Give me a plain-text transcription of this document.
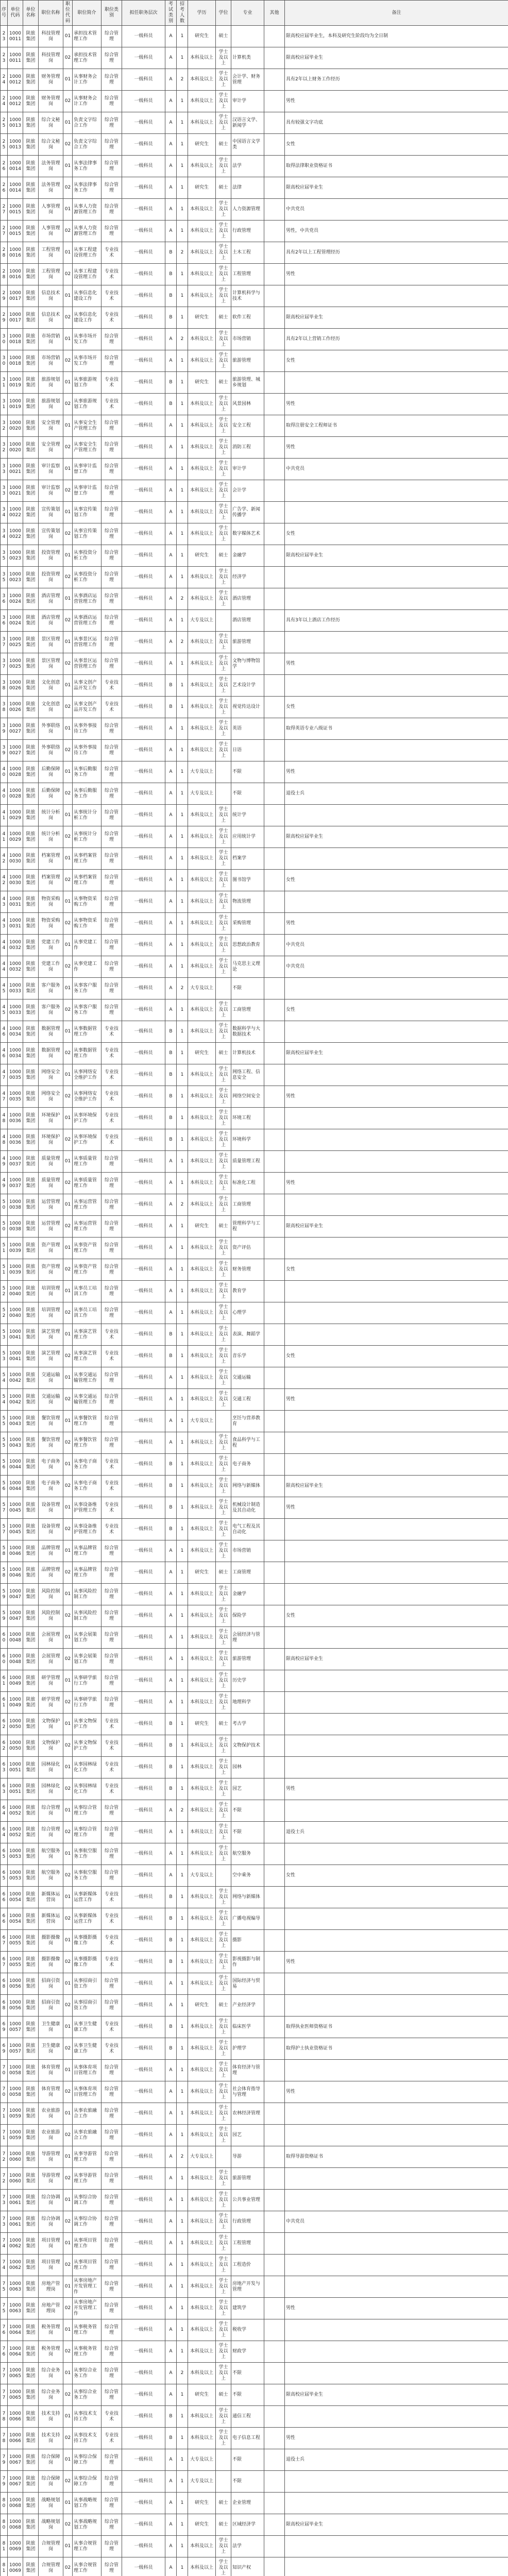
序号	单位代码	单位名称	职位名称	职位代码	职位简介	职位类别	拟任职务层次	考试类别	招考人数	学历	学位	专业	其他	备注
23	10000011	陕旅集团	科技管理岗	01	承担技术管理工作	综合管理	一级科员	A	1	研究生	硕士			限高校应届毕业生，本科及研究生阶段均为全日制
23	10000011	陕旅集团	科技管理岗	02	承担技术管理工作	综合管理	一级科员	A	1	本科及以上	学士及以上	计算机类		限高校应届毕业生
24	10000012	陕旅集团	财务管理岗	01	从事财务会计工作	综合管理	一级科员	A	2	本科及以上	学士及以上	会计学、财务管理		具有2年以上财务工作经历
24	10000012	陕旅集团	财务管理岗	02	从事财务会计工作	综合管理	一级科员	A	1	本科及以上	学士及以上	审计学		男性
25	10000013	陕旅集团	综合文秘岗	01	负责文字综合工作	综合管理	一级科员	A	1	本科及以上	学士及以上	汉语言文学、新闻学		具有较强文字功底
25	10000013	陕旅集团	综合文秘岗	02	负责文字综合工作	综合管理	一级科员	A	1	研究生	硕士	中国语言文学类		女性
26	10000014	陕旅集团	法务管理岗	01	从事法律事务工作	综合管理	一级科员	A	1	本科及以上	学士及以上	法学		取得法律职业资格证书
26	10000014	陕旅集团	法务管理岗	02	从事法律事务工作	综合管理	一级科员	A	1	研究生	硕士	法律		限高校应届毕业生
27	10000015	陕旅集团	人事管理岗	01	从事人力资源管理工作	综合管理	一级科员	A	1	本科及以上	学士及以上	人力资源管理		中共党员
27	10000015	陕旅集团	人事管理岗	02	从事人力资源管理工作	综合管理	一级科员	A	1	本科及以上	学士及以上	行政管理		男性，中共党员
28	10000016	陕旅集团	工程管理岗	01	从事工程建设管理工作	专业技术	一级科员	B	2	本科及以上	学士及以上	土木工程		具有2年以上工程管理经历
28	10000016	陕旅集团	工程管理岗	02	从事工程建设管理工作	专业技术	一级科员	B	1	本科及以上	学士及以上	工程管理		男性
29	10000017	陕旅集团	信息技术岗	01	从事信息化建设工作	专业技术	一级科员	B	1	本科及以上	学士及以上	计算机科学与技术		
29	10000017	陕旅集团	信息技术岗	02	从事信息化建设工作	专业技术	一级科员	B	1	研究生	硕士	软件工程		限高校应届毕业生
30	10000018	陕旅集团	市场营销岗	01	从事市场开发工作	综合管理	一级科员	A	2	本科及以上	学士及以上	市场营销		具有2年以上营销工作经历
30	10000018	陕旅集团	市场营销岗	02	从事市场开发工作	综合管理	一级科员	A	1	本科及以上	学士及以上	旅游管理		女性
31	10000019	陕旅集团	旅游规划岗	01	从事旅游规划工作	专业技术	一级科员	B	1	研究生	硕士	旅游管理、城乡规划		
31	10000019	陕旅集团	旅游规划岗	02	从事旅游规划工作	专业技术	一级科员	B	1	本科及以上	学士及以上	风景园林		男性
32	10000020	陕旅集团	安全管理岗	01	从事安全生产管理工作	综合管理	一级科员	A	1	本科及以上	学士及以上	安全工程		取得注册安全工程师证书
32	10000020	陕旅集团	安全管理岗	02	从事安全生产管理工作	综合管理	一级科员	A	1	本科及以上	学士及以上	消防工程		男性
33	10000021	陕旅集团	审计监察岗	01	从事审计监督工作	综合管理	一级科员	A	1	本科及以上	学士及以上	审计学		中共党员
33	10000021	陕旅集团	审计监察岗	02	从事审计监督工作	综合管理	一级科员	A	1	本科及以上	学士及以上	会计学		
34	10000022	陕旅集团	宣传策划岗	01	从事宣传策划工作	综合管理	一级科员	A	1	本科及以上	学士及以上	广告学、新闻传播学		
34	10000022	陕旅集团	宣传策划岗	02	从事宣传策划工作	综合管理	一级科员	A	1	本科及以上	学士及以上	数字媒体艺术		女性
35	10000023	陕旅集团	投资管理岗	01	从事投资分析工作	综合管理	一级科员	A	1	研究生	硕士	金融学		限高校应届毕业生
35	10000023	陕旅集团	投资管理岗	02	从事投资分析工作	综合管理	一级科员	A	1	本科及以上	学士及以上	经济学		
36	10000024	陕旅集团	酒店管理岗	01	从事酒店运营管理工作	综合管理	一级科员	A	2	本科及以上	学士及以上	酒店管理		
36	10000024	陕旅集团	酒店管理岗	02	从事酒店运营管理工作	综合管理	一级科员	A	1	大专及以上		酒店管理		具有3年以上酒店工作经历
37	10000025	陕旅集团	景区管理岗	01	从事景区运营管理工作	综合管理	一级科员	A	2	本科及以上	学士及以上	旅游管理		
37	10000025	陕旅集团	景区管理岗	02	从事景区运营管理工作	综合管理	一级科员	A	1	本科及以上	学士及以上	文物与博物馆学		男性
38	10000026	陕旅集团	文化创意岗	01	从事文创产品开发工作	专业技术	一级科员	B	1	本科及以上	学士及以上	艺术设计学		
38	10000026	陕旅集团	文化创意岗	02	从事文创产品开发工作	专业技术	一级科员	B	1	本科及以上	学士及以上	视觉传达设计		女性
39	10000027	陕旅集团	外事联络岗	01	从事外事接待工作	综合管理	一级科员	A	1	本科及以上	学士及以上	英语		取得英语专业八级证书
39	10000027	陕旅集团	外事联络岗	02	从事外事接待工作	综合管理	一级科员	A	1	本科及以上	学士及以上	日语		
40	10000028	陕旅集团	后勤保障岗	01	从事后勤服务工作	综合管理	一级科员	A	1	大专及以上		不限		男性
40	10000028	陕旅集团	后勤保障岗	02	从事后勤服务工作	综合管理	一级科员	A	1	大专及以上		不限		退役士兵
41	10000029	陕旅集团	统计分析岗	01	从事统计分析工作	综合管理	一级科员	A	1	本科及以上	学士及以上	统计学		
41	10000029	陕旅集团	统计分析岗	02	从事统计分析工作	综合管理	一级科员	A	1	本科及以上	学士及以上	应用统计学		限高校应届毕业生
42	10000030	陕旅集团	档案管理岗	01	从事档案管理工作	综合管理	一级科员	A	1	本科及以上	学士及以上	档案学		
42	10000030	陕旅集团	档案管理岗	02	从事档案管理工作	综合管理	一级科员	A	1	本科及以上	学士及以上	图书馆学		女性
43	10000031	陕旅集团	物资采购岗	01	从事物资采购工作	综合管理	一级科员	A	1	本科及以上	学士及以上	物流管理		
43	10000031	陕旅集团	物资采购岗	02	从事物资采购工作	综合管理	一级科员	A	1	本科及以上	学士及以上	采购管理		男性
44	10000032	陕旅集团	党建工作岗	01	从事党建工作	综合管理	一级科员	A	1	本科及以上	学士及以上	思想政治教育		中共党员
44	10000032	陕旅集团	党建工作岗	02	从事党建工作	综合管理	一级科员	A	1	本科及以上	学士及以上	马克思主义理论		中共党员
45	10000033	陕旅集团	客户服务岗	01	从事客户服务工作	综合管理	一级科员	A	2	大专及以上		不限		
45	10000033	陕旅集团	客户服务岗	02	从事客户服务工作	综合管理	一级科员	A	1	本科及以上	学士及以上	工商管理		女性
46	10000034	陕旅集团	数据管理岗	01	从事数据管理工作	专业技术	一级科员	B	1	本科及以上	学士及以上	数据科学与大数据技术		
46	10000034	陕旅集团	数据管理岗	02	从事数据管理工作	专业技术	一级科员	B	1	研究生	硕士	计算机技术		限高校应届毕业生
47	10000035	陕旅集团	网络安全岗	01	从事网络安全维护工作	专业技术	一级科员	B	1	本科及以上	学士及以上	网络工程、信息安全		
47	10000035	陕旅集团	网络安全岗	02	从事网络安全维护工作	专业技术	一级科员	B	1	本科及以上	学士及以上	网络空间安全		男性
48	10000036	陕旅集团	环境保护岗	01	从事环境保护工作	专业技术	一级科员	B	1	本科及以上	学士及以上	环境工程		
48	10000036	陕旅集团	环境保护岗	02	从事环境保护工作	专业技术	一级科员	B	1	本科及以上	学士及以上	环境科学		
49	10000037	陕旅集团	质量管理岗	01	从事质量管理工作	综合管理	一级科员	A	1	本科及以上	学士及以上	质量管理工程		
49	10000037	陕旅集团	质量管理岗	02	从事质量管理工作	综合管理	一级科员	A	1	本科及以上	学士及以上	标准化工程		男性
50	10000038	陕旅集团	运营管理岗	01	从事运营管理工作	综合管理	一级科员	A	2	本科及以上	学士及以上	工商管理		
50	10000038	陕旅集团	运营管理岗	02	从事运营管理工作	综合管理	一级科员	A	1	研究生	硕士	管理科学与工程		限高校应届毕业生
51	10000039	陕旅集团	资产管理岗	01	从事资产管理工作	综合管理	一级科员	A	1	本科及以上	学士及以上	资产评估		
51	10000039	陕旅集团	资产管理岗	02	从事资产管理工作	综合管理	一级科员	A	1	本科及以上	学士及以上	财务管理		女性
52	10000040	陕旅集团	培训管理岗	01	从事员工培训工作	综合管理	一级科员	A	1	本科及以上	学士及以上	教育学		
52	10000040	陕旅集团	培训管理岗	02	从事员工培训工作	综合管理	一级科员	A	1	本科及以上	学士及以上	心理学		
53	10000041	陕旅集团	演艺管理岗	01	从事演艺管理工作	专业技术	一级科员	B	1	本科及以上	学士及以上	表演、舞蹈学		
53	10000041	陕旅集团	演艺管理岗	02	从事演艺管理工作	专业技术	一级科员	B	1	本科及以上	学士及以上	音乐学		女性
54	10000042	陕旅集团	交通运输岗	01	从事交通运输管理工作	综合管理	一级科员	A	1	本科及以上	学士及以上	交通运输		
54	10000042	陕旅集团	交通运输岗	02	从事交通运输管理工作	综合管理	一级科员	A	1	本科及以上	学士及以上	交通工程		男性
55	10000043	陕旅集团	餐饮管理岗	01	从事餐饮管理工作	综合管理	一级科员	A	1	大专及以上		烹饪与营养教育		
55	10000043	陕旅集团	餐饮管理岗	02	从事餐饮管理工作	综合管理	一级科员	A	1	本科及以上	学士及以上	食品科学与工程		
56	10000044	陕旅集团	电子商务岗	01	从事电子商务工作	专业技术	一级科员	B	1	本科及以上	学士及以上	电子商务		
56	10000044	陕旅集团	电子商务岗	02	从事电子商务工作	专业技术	一级科员	B	1	本科及以上	学士及以上	网络与新媒体		限高校应届毕业生
57	10000045	陕旅集团	设备管理岗	01	从事设备维护管理工作	专业技术	一级科员	B	1	本科及以上	学士及以上	机械设计制造及其自动化		男性
57	10000045	陕旅集团	设备管理岗	02	从事设备维护管理工作	专业技术	一级科员	B	1	本科及以上	学士及以上	电气工程及其自动化		
58	10000046	陕旅集团	品牌管理岗	01	从事品牌管理工作	综合管理	一级科员	A	1	本科及以上	学士及以上	市场营销		
58	10000046	陕旅集团	品牌管理岗	02	从事品牌管理工作	综合管理	一级科员	A	1	研究生	硕士	工商管理		
59	10000047	陕旅集团	风险控制岗	01	从事风险控制工作	综合管理	一级科员	A	1	本科及以上	学士及以上	金融学		
59	10000047	陕旅集团	风险控制岗	02	从事风险控制工作	综合管理	一级科员	A	1	本科及以上	学士及以上	保险学		女性
60	10000048	陕旅集团	会展管理岗	01	从事会展策划工作	综合管理	一级科员	A	1	本科及以上	学士及以上	会展经济与管理		
60	10000048	陕旅集团	会展管理岗	02	从事会展策划工作	综合管理	一级科员	A	1	本科及以上	学士及以上	旅游管理		限高校应届毕业生
61	10000049	陕旅集团	研学管理岗	01	从事研学旅行工作	综合管理	一级科员	A	1	本科及以上	学士及以上	历史学		
61	10000049	陕旅集团	研学管理岗	02	从事研学旅行工作	综合管理	一级科员	A	1	本科及以上	学士及以上	地理科学		
62	10000050	陕旅集团	文物保护岗	01	从事文物保护工作	专业技术	一级科员	B	1	研究生	硕士	考古学		
62	10000050	陕旅集团	文物保护岗	02	从事文物保护工作	专业技术	一级科员	B	1	本科及以上	学士及以上	文物保护技术		
63	10000051	陕旅集团	园林绿化岗	01	从事园林绿化工作	专业技术	一级科员	B	1	本科及以上	学士及以上	园林		
63	10000051	陕旅集团	园林绿化岗	02	从事园林绿化工作	专业技术	一级科员	B	1	本科及以上	学士及以上	园艺		男性
64	10000052	陕旅集团	综合管理岗	01	从事综合管理工作	综合管理	一级科员	A	2	本科及以上	学士及以上	不限		
64	10000052	陕旅集团	综合管理岗	02	从事综合管理工作	综合管理	一级科员	A	1	本科及以上	学士及以上	不限		退役士兵
65	10000053	陕旅集团	航空服务岗	01	从事航空服务工作	综合管理	一级科员	A	1	本科及以上	学士及以上	航空服务		
65	10000053	陕旅集团	航空服务岗	02	从事航空服务工作	综合管理	一级科员	A	1	大专及以上		空中乘务		女性
66	10000054	陕旅集团	新媒体运营岗	01	从事新媒体运营工作	专业技术	一级科员	B	1	本科及以上	学士及以上	网络与新媒体		
66	10000054	陕旅集团	新媒体运营岗	02	从事新媒体运营工作	专业技术	一级科员	B	1	本科及以上	学士及以上	广播电视编导		
67	10000055	陕旅集团	摄影摄像岗	01	从事摄影摄像工作	专业技术	一级科员	B	1	本科及以上	学士及以上	摄影		
67	10000055	陕旅集团	摄影摄像岗	02	从事摄影摄像工作	专业技术	一级科员	B	1	本科及以上	学士及以上	影视摄影与制作		男性
68	10000056	陕旅集团	招商引资岗	01	从事招商引资工作	综合管理	一级科员	A	1	本科及以上	学士及以上	国际经济与贸易		
68	10000056	陕旅集团	招商引资岗	02	从事招商引资工作	综合管理	一级科员	A	1	研究生	硕士	产业经济学		
69	10000057	陕旅集团	卫生健康岗	01	从事卫生健康工作	专业技术	一级科员	B	1	本科及以上	学士及以上	临床医学		取得执业医师资格证书
69	10000057	陕旅集团	卫生健康岗	02	从事卫生健康工作	专业技术	一级科员	B	1	本科及以上	学士及以上	护理学		取得护士执业资格证书
70	10000058	陕旅集团	体育管理岗	01	从事体育项目管理工作	综合管理	一级科员	A	1	本科及以上	学士及以上	体育经济与管理		
70	10000058	陕旅集团	体育管理岗	02	从事体育项目管理工作	综合管理	一级科员	A	1	本科及以上	学士及以上	社会体育指导与管理		男性
71	10000059	陕旅集团	农业旅游岗	01	从事农旅融合工作	综合管理	一级科员	A	1	本科及以上	学士及以上	农林经济管理		
71	10000059	陕旅集团	农业旅游岗	02	从事农旅融合工作	综合管理	一级科员	A	1	本科及以上	学士及以上	园艺		
72	10000060	陕旅集团	导游管理岗	01	从事导游管理工作	综合管理	一级科员	A	2	大专及以上		导游		取得导游资格证书
72	10000060	陕旅集团	导游管理岗	02	从事导游管理工作	综合管理	一级科员	A	1	本科及以上	学士及以上	旅游管理		
73	10000061	陕旅集团	综合协调岗	01	从事综合协调工作	综合管理	一级科员	A	1	本科及以上	学士及以上	公共事业管理		
73	10000061	陕旅集团	综合协调岗	02	从事综合协调工作	综合管理	一级科员	A	1	本科及以上	学士及以上	行政管理		中共党员
74	10000062	陕旅集团	项目管理岗	01	从事项目管理工作	综合管理	一级科员	A	1	本科及以上	学士及以上	工程管理		
74	10000062	陕旅集团	项目管理岗	02	从事项目管理工作	综合管理	一级科员	A	1	本科及以上	学士及以上	工程造价		
75	10000063	陕旅集团	房地产管理岗	01	从事房地产开发管理工作	综合管理	一级科员	A	1	本科及以上	学士及以上	房地产开发与管理		
75	10000063	陕旅集团	房地产管理岗	02	从事房地产开发管理工作	综合管理	一级科员	A	1	本科及以上	学士及以上	建筑学		男性
76	10000064	陕旅集团	税务管理岗	01	从事税务管理工作	综合管理	一级科员	A	1	本科及以上	学士及以上	税收学		
76	10000064	陕旅集团	税务管理岗	02	从事税务管理工作	综合管理	一级科员	A	1	本科及以上	学士及以上	财政学		
77	10000065	陕旅集团	综合业务岗	01	从事综合业务工作	综合管理	一级科员	A	2	本科及以上	学士及以上	不限		
77	10000065	陕旅集团	综合业务岗	02	从事综合业务工作	综合管理	一级科员	A	1	研究生	硕士	不限		限高校应届毕业生
78	10000066	陕旅集团	技术支持岗	01	从事技术支持工作	专业技术	一级科员	B	1	本科及以上	学士及以上	通信工程		
78	10000066	陕旅集团	技术支持岗	02	从事技术支持工作	专业技术	一级科员	B	1	本科及以上	学士及以上	电子信息工程		男性
79	10000067	陕旅集团	综合保障岗	01	从事综合保障工作	综合管理	一级科员	A	1	大专及以上		不限		退役士兵
79	10000067	陕旅集团	综合保障岗	02	从事综合保障工作	综合管理	一级科员	A	1	大专及以上		不限		
80	10000068	陕旅集团	战略规划岗	01	从事战略规划工作	综合管理	一级科员	A	1	研究生	硕士	企业管理		
80	10000068	陕旅集团	战略规划岗	02	从事战略规划工作	综合管理	一级科员	A	1	研究生	硕士	区域经济学		限高校应届毕业生
81	10000069	陕旅集团	合规管理岗	01	从事合规管理工作	综合管理	一级科员	A	1	本科及以上	学士及以上	法学		
81	10000069	陕旅集团	合规管理岗	02	从事合规管理工作	综合管理	一级科员	A	1	本科及以上	学士及以上	知识产权		
